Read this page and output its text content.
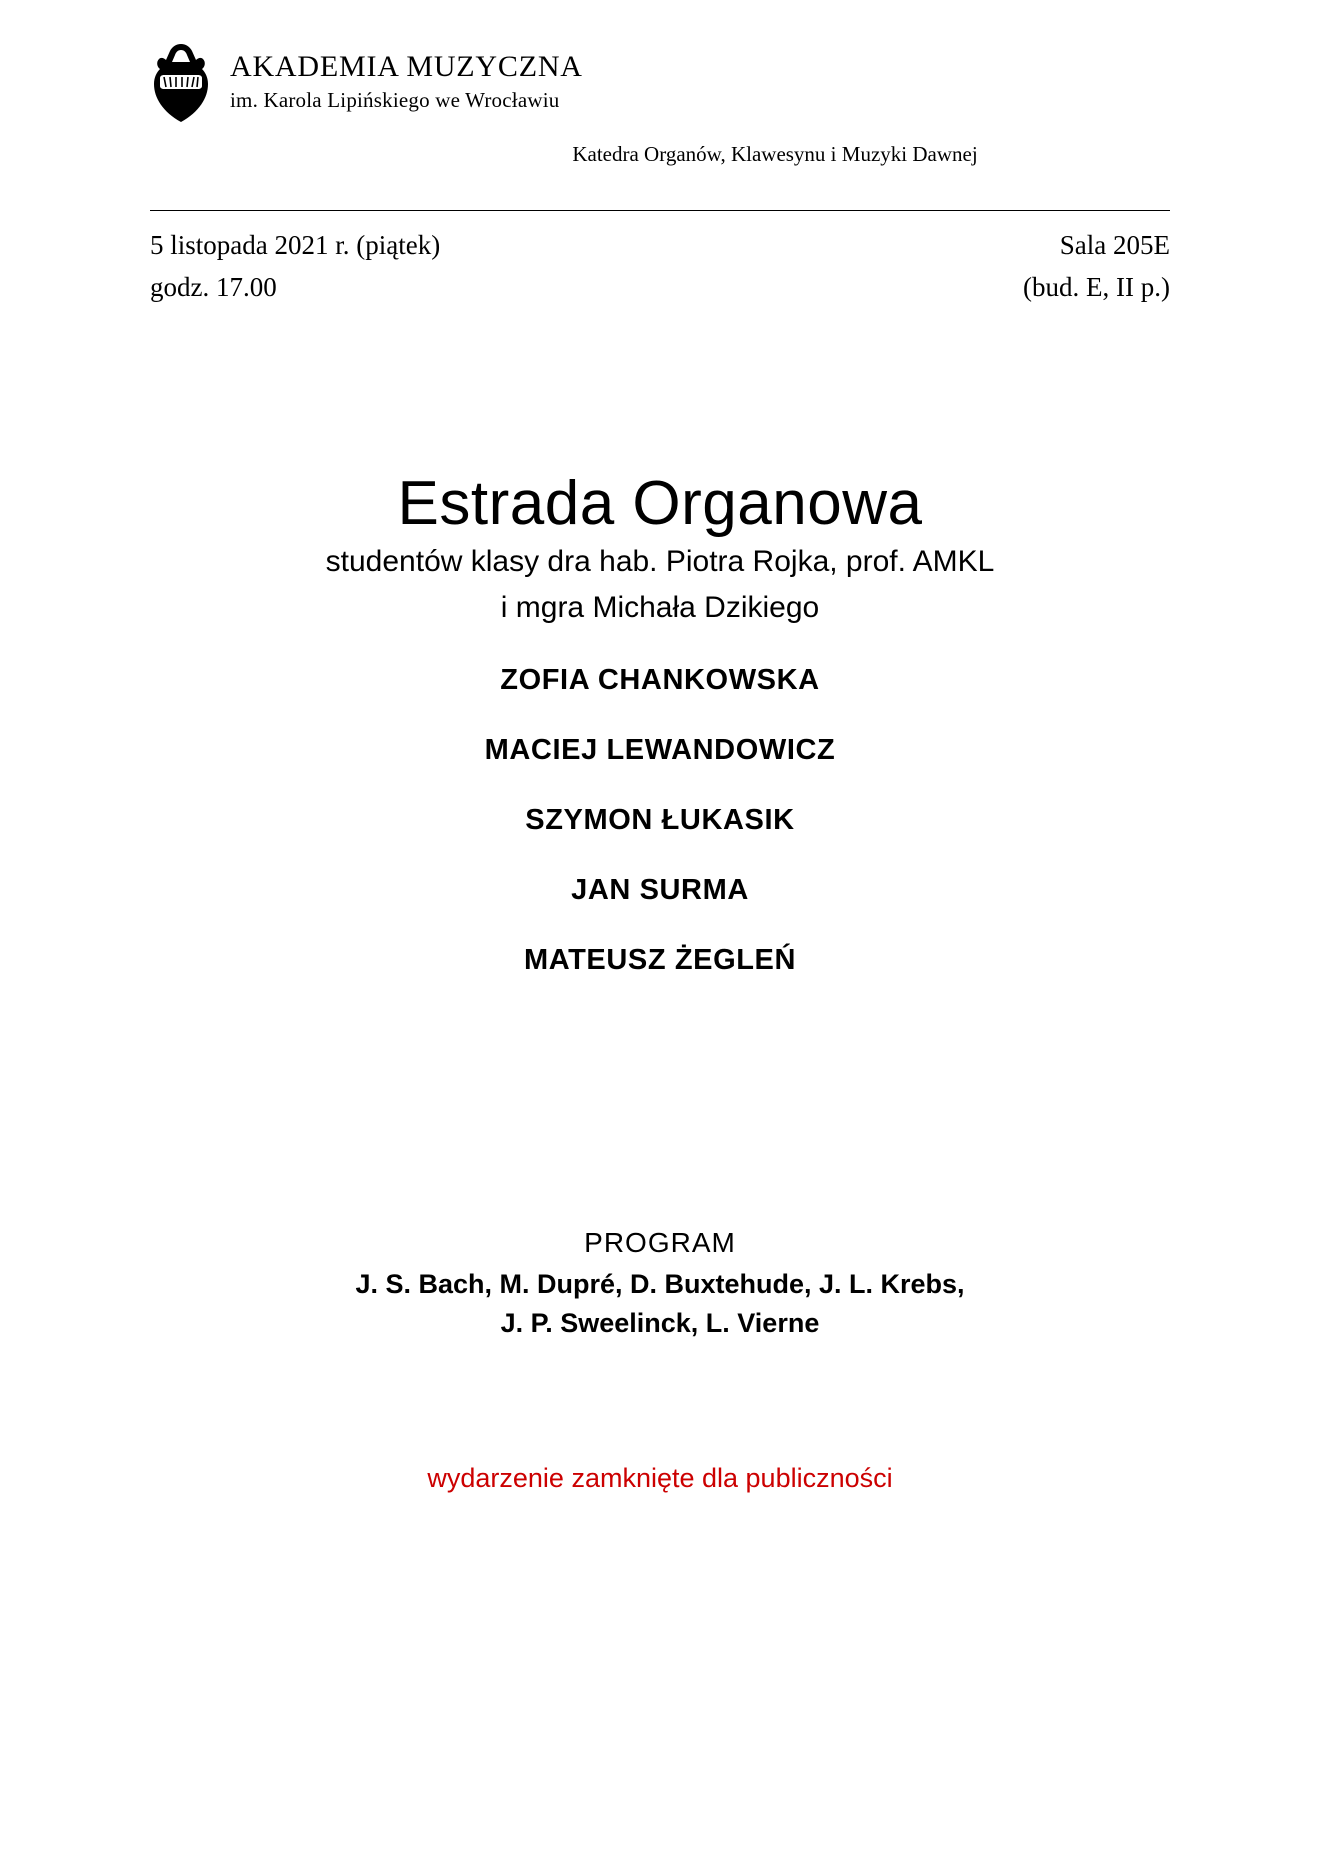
AKADEMIA MUZYCZNA
im. Karola Lipińskiego we Wrocławiu
Katedra Organów, Klawesynu i Muzyki Dawnej
5 listopada 2021 r. (piątek)
godz. 17.00
Sala 205E
(bud. E, II p.)
Estrada Organowa
studentów klasy dra hab. Piotra Rojka, prof. AMKL
i mgra Michała Dzikiego
ZOFIA CHANKOWSKA
MACIEJ LEWANDOWICZ
SZYMON ŁUKASIK
JAN SURMA
MATEUSZ ŻEGLEŃ
PROGRAM
J. S. Bach, M. Dupré, D. Buxtehude, J. L. Krebs,
J. P. Sweelinck, L. Vierne
wydarzenie zamknięte dla publiczności
